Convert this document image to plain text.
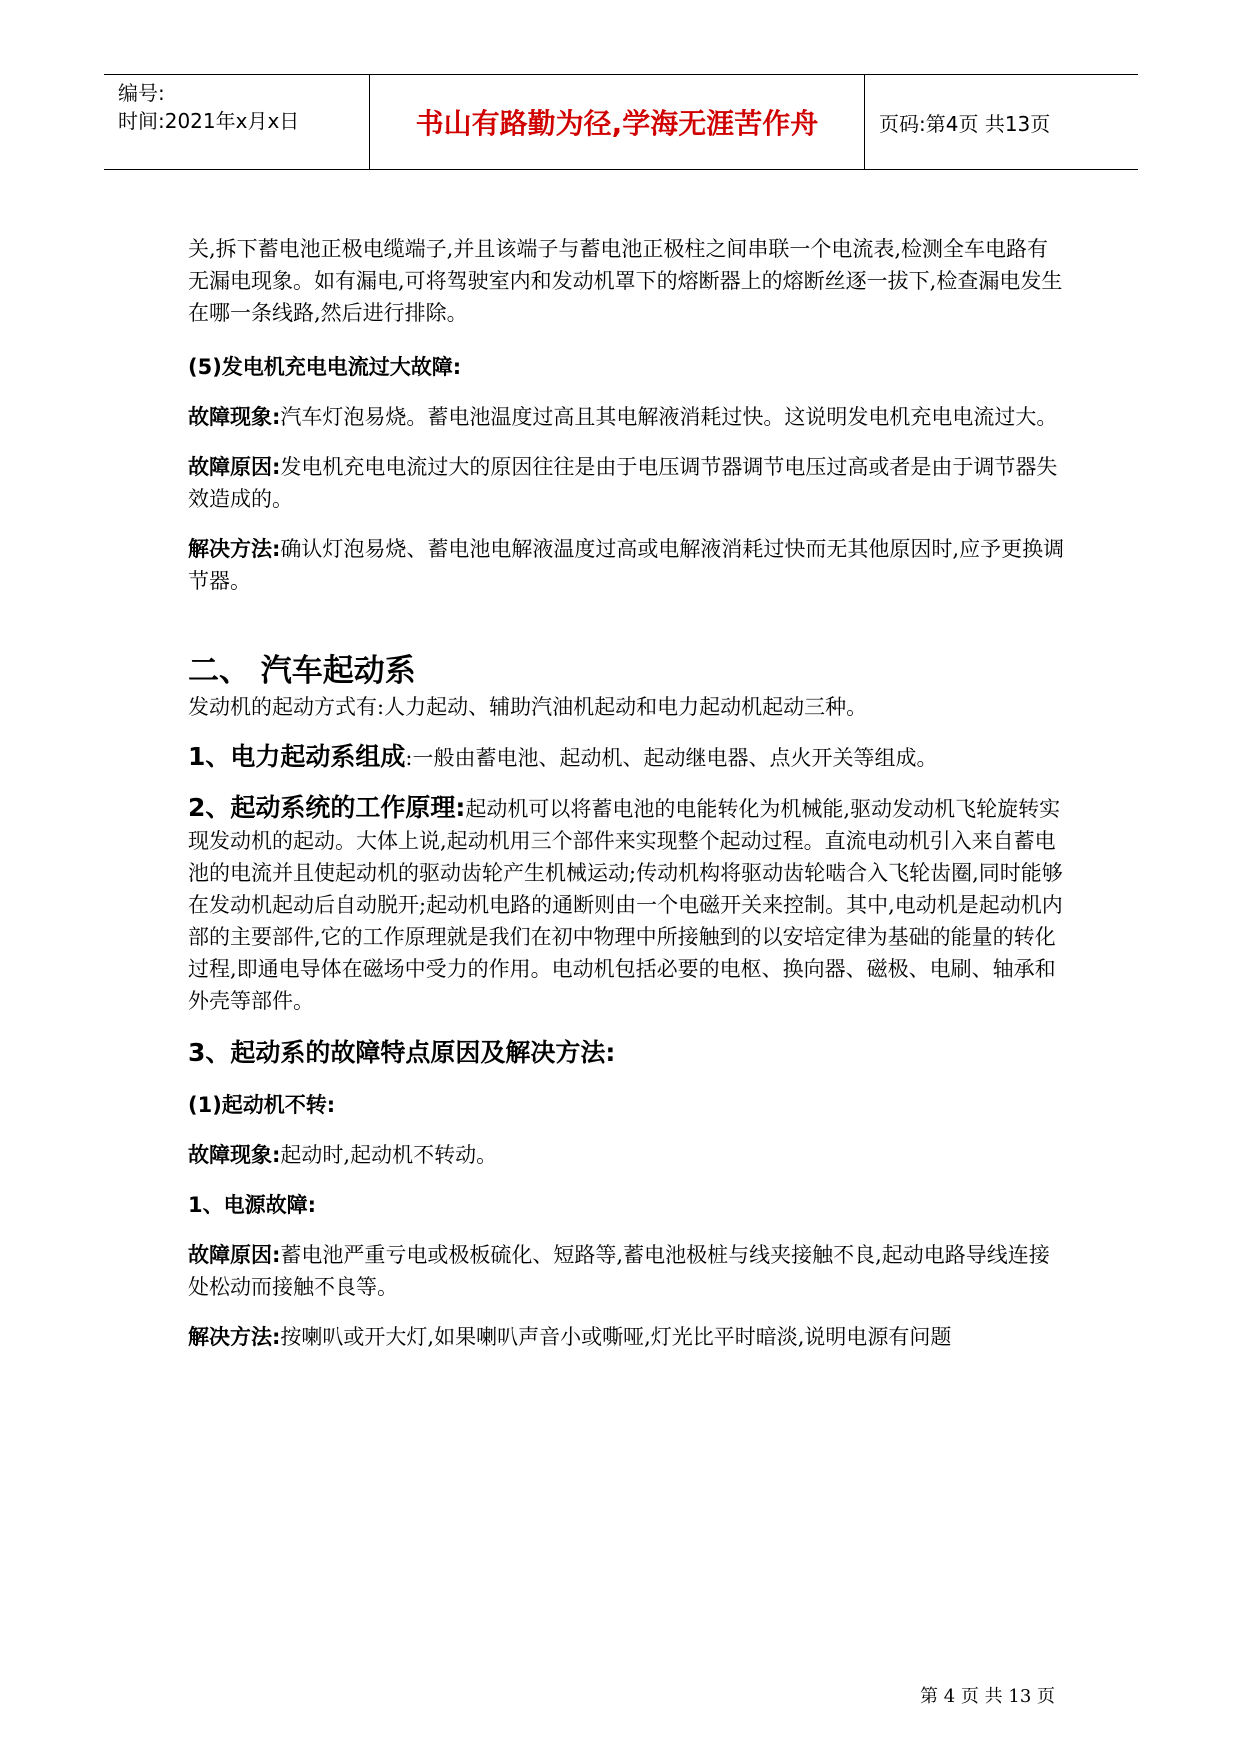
编号:
时间:2021年x月x日	书山有路勤为径,学海无涯苦作舟	页码:第4页 共13页

关,拆下蓄电池正极电缆端子,并且该端子与蓄电池正极柱之间串联一个电流表,检测全车电路有无漏电现象。如有漏电,可将驾驶室内和发动机罩下的熔断器上的熔断丝逐一拔下,检查漏电发生在哪一条线路,然后进行排除。

(5)发电机充电电流过大故障:

故障现象:汽车灯泡易烧。蓄电池温度过高且其电解液消耗过快。这说明发电机充电电流过大。

故障原因:发电机充电电流过大的原因往往是由于电压调节器调节电压过高或者是由于调节器失效造成的。

解决方法:确认灯泡易烧、蓄电池电解液温度过高或电解液消耗过快而无其他原因时,应予更换调节器。

二、 汽车起动系

发动机的起动方式有:人力起动、辅助汽油机起动和电力起动机起动三种。

1、电力起动系组成:一般由蓄电池、起动机、起动继电器、点火开关等组成。

2、起动系统的工作原理:起动机可以将蓄电池的电能转化为机械能,驱动发动机飞轮旋转实现发动机的起动。大体上说,起动机用三个部件来实现整个起动过程。直流电动机引入来自蓄电池的电流并且使起动机的驱动齿轮产生机械运动;传动机构将驱动齿轮啮合入飞轮齿圈,同时能够在发动机起动后自动脱开;起动机电路的通断则由一个电磁开关来控制。其中,电动机是起动机内部的主要部件,它的工作原理就是我们在初中物理中所接触到的以安培定律为基础的能量的转化过程,即通电导体在磁场中受力的作用。电动机包括必要的电枢、换向器、磁极、电刷、轴承和外壳等部件。

3、起动系的故障特点原因及解决方法:

(1)起动机不转:

故障现象:起动时,起动机不转动。

1、电源故障:

故障原因:蓄电池严重亏电或极板硫化、短路等,蓄电池极桩与线夹接触不良,起动电路导线连接处松动而接触不良等。

解决方法:按喇叭或开大灯,如果喇叭声音小或嘶哑,灯光比平时暗淡,说明电源有问题

第 4 页 共 13 页
